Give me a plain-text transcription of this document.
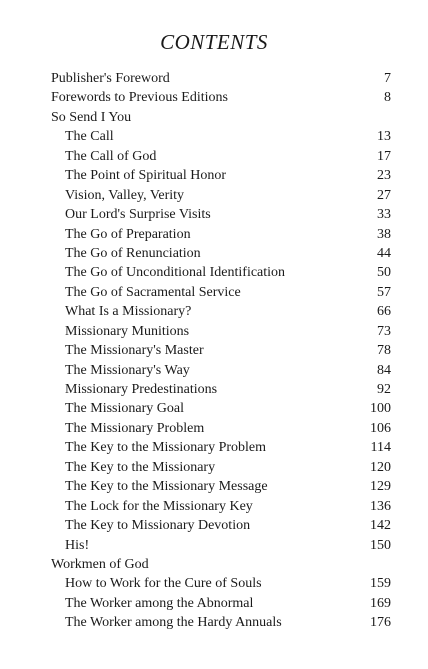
CONTENTS
Publisher's Foreword	7
Forewords to Previous Editions	8
So Send I You
The Call	13
The Call of God	17
The Point of Spiritual Honor	23
Vision, Valley, Verity	27
Our Lord's Surprise Visits	33
The Go of Preparation	38
The Go of Renunciation	44
The Go of Unconditional Identification	50
The Go of Sacramental Service	57
What Is a Missionary?	66
Missionary Munitions	73
The Missionary's Master	78
The Missionary's Way	84
Missionary Predestinations	92
The Missionary Goal	100
The Missionary Problem	106
The Key to the Missionary Problem	114
The Key to the Missionary	120
The Key to the Missionary Message	129
The Lock for the Missionary Key	136
The Key to Missionary Devotion	142
His!	150
Workmen of God
How to Work for the Cure of Souls	159
The Worker among the Abnormal	169
The Worker among the Hardy Annuals	176
